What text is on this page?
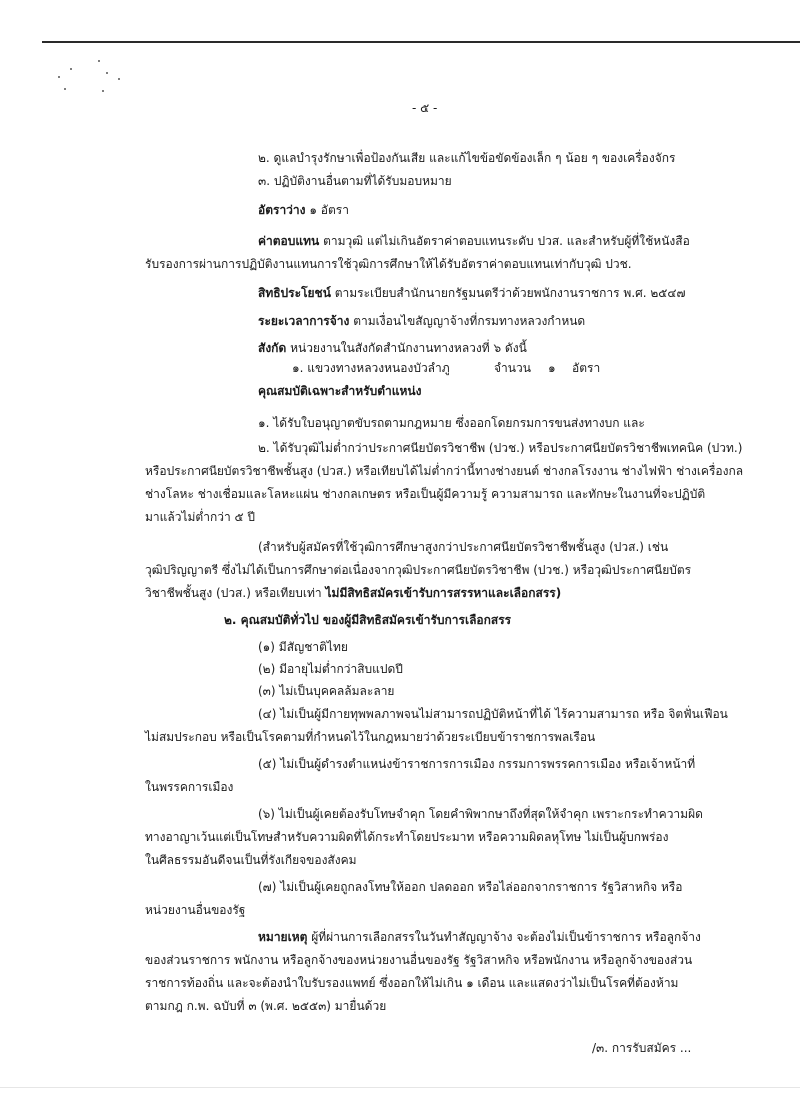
- ๕ -
๒. ดูแลบำรุงรักษาเพื่อป้องกันเสีย และแก้ไขข้อขัดข้องเล็ก ๆ น้อย ๆ ของเครื่องจักร
๓. ปฏิบัติงานอื่นตามที่ได้รับมอบหมาย
อัตราว่าง ๑ อัตรา
ค่าตอบแทน ตามวุฒิ แต่ไม่เกินอัตราค่าตอบแทนระดับ ปวส. และสำหรับผู้ที่ใช้หนังสือ
รับรองการผ่านการปฏิบัติงานแทนการใช้วุฒิการศึกษาให้ได้รับอัตราค่าตอบแทนเท่ากับวุฒิ ปวช.
สิทธิประโยชน์ ตามระเบียบสำนักนายกรัฐมนตรีว่าด้วยพนักงานราชการ พ.ศ. ๒๕๔๗
ระยะเวลาการจ้าง ตามเงื่อนไขสัญญาจ้างที่กรมทางหลวงกำหนด
สังกัด หน่วยงานในสังกัดสำนักงานทางหลวงที่ ๖ ดังนี้
๑. แขวงทางหลวงหนองบัวลำภู	จำนวน ๑ อัตรา
คุณสมบัติเฉพาะสำหรับตำแหน่ง
๑. ได้รับใบอนุญาตขับรถตามกฎหมาย ซึ่งออกโดยกรมการขนส่งทางบก และ
๒. ได้รับวุฒิไม่ต่ำกว่าประกาศนียบัตรวิชาชีพ (ปวช.) หรือประกาศนียบัตรวิชาชีพเทคนิค (ปวท.)
หรือประกาศนียบัตรวิชาชีพชั้นสูง (ปวส.) หรือเทียบได้ไม่ต่ำกว่านี้ทางช่างยนต์ ช่างกลโรงงาน ช่างไฟฟ้า ช่างเครื่องกล
ช่างโลหะ ช่างเชื่อมและโลหะแผ่น ช่างกลเกษตร หรือเป็นผู้มีความรู้ ความสามารถ และทักษะในงานที่จะปฏิบัติ
มาแล้วไม่ต่ำกว่า ๕ ปี
(สำหรับผู้สมัครที่ใช้วุฒิการศึกษาสูงกว่าประกาศนียบัตรวิชาชีพชั้นสูง (ปวส.) เช่น
วุฒิปริญญาตรี ซึ่งไม่ได้เป็นการศึกษาต่อเนื่องจากวุฒิประกาศนียบัตรวิชาชีพ (ปวช.) หรือวุฒิประกาศนียบัตร
วิชาชีพชั้นสูง (ปวส.) หรือเทียบเท่า ไม่มีสิทธิสมัครเข้ารับการสรรหาและเลือกสรร)
๒. คุณสมบัติทั่วไป ของผู้มีสิทธิสมัครเข้ารับการเลือกสรร
(๑) มีสัญชาติไทย
(๒) มีอายุไม่ต่ำกว่าสิบแปดปี
(๓) ไม่เป็นบุคคลล้มละลาย
(๔) ไม่เป็นผู้มีกายทุพพลภาพจนไม่สามารถปฏิบัติหน้าที่ได้ ไร้ความสามารถ หรือ จิตฟั่นเฟือน
ไม่สมประกอบ หรือเป็นโรคตามที่กำหนดไว้ในกฎหมายว่าด้วยระเบียบข้าราชการพลเรือน
(๕) ไม่เป็นผู้ดำรงตำแหน่งข้าราชการการเมือง กรรมการพรรคการเมือง หรือเจ้าหน้าที่
ในพรรคการเมือง
(๖) ไม่เป็นผู้เคยต้องรับโทษจำคุก โดยคำพิพากษาถึงที่สุดให้จำคุก เพราะกระทำความผิด
ทางอาญาเว้นแต่เป็นโทษสำหรับความผิดที่ได้กระทำโดยประมาท หรือความผิดลหุโทษ ไม่เป็นผู้บกพร่อง
ในศีลธรรมอันดีจนเป็นที่รังเกียจของสังคม
(๗) ไม่เป็นผู้เคยถูกลงโทษให้ออก ปลดออก หรือไล่ออกจากราชการ รัฐวิสาหกิจ หรือ
หน่วยงานอื่นของรัฐ
หมายเหตุ ผู้ที่ผ่านการเลือกสรรในวันทำสัญญาจ้าง จะต้องไม่เป็นข้าราชการ หรือลูกจ้าง
ของส่วนราชการ พนักงาน หรือลูกจ้างของหน่วยงานอื่นของรัฐ รัฐวิสาหกิจ หรือพนักงาน หรือลูกจ้างของส่วน
ราชการท้องถิ่น และจะต้องนำใบรับรองแพทย์ ซึ่งออกให้ไม่เกิน ๑ เดือน และแสดงว่าไม่เป็นโรคที่ต้องห้าม
ตามกฎ ก.พ. ฉบับที่ ๓ (พ.ศ. ๒๕๕๓) มายื่นด้วย
/๓. การรับสมัคร ...
